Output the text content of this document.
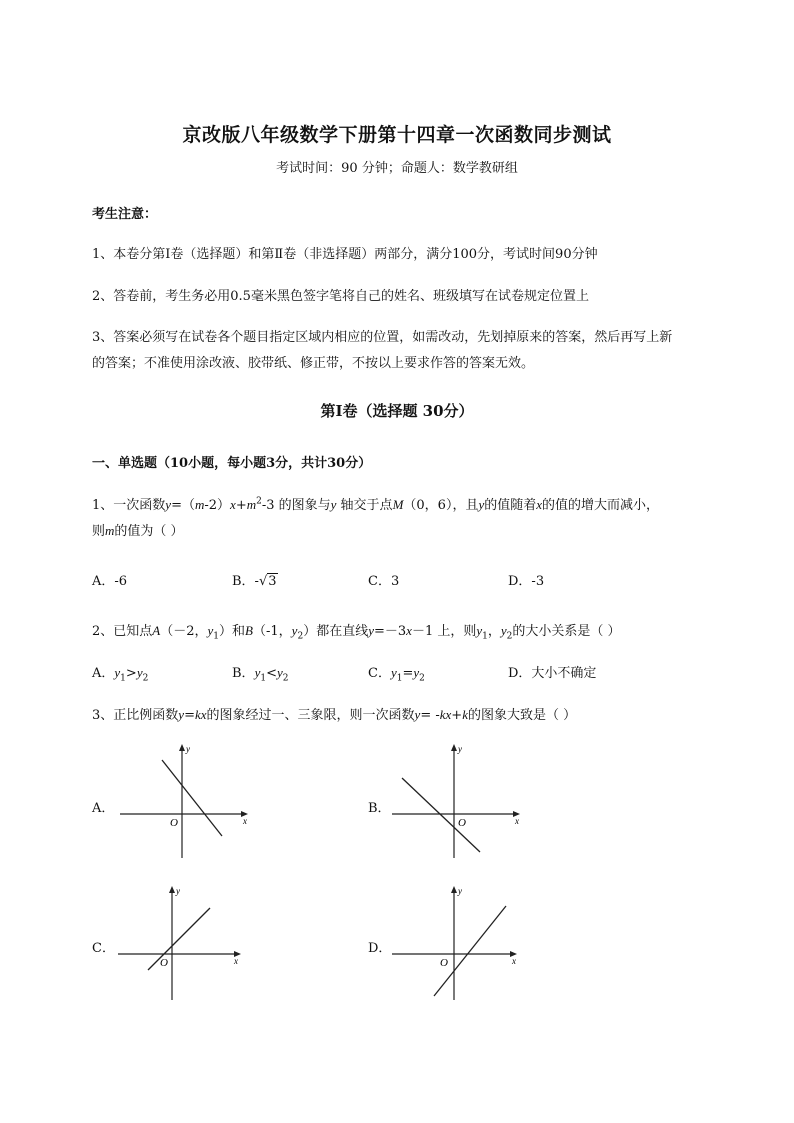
京改版八年级数学下册第十四章一次函数同步测试
考试时间：90 分钟；命题人：数学教研组
考生注意：
1、本卷分第Ⅰ卷（选择题）和第Ⅱ卷（非选择题）两部分，满分100分，考试时间90分钟
2、答卷前，考生务必用0.5毫米黑色签字笔将自己的姓名、班级填写在试卷规定位置上
3、答案必须写在试卷各个题目指定区域内相应的位置，如需改动，先划掉原来的答案，然后再写上新
的答案；不准使用涂改液、胶带纸、修正带，不按以上要求作答的答案无效。
第Ⅰ卷（选择题 30分）
一、单选题（10小题，每小题3分，共计30分）
1、一次函数$y=(m-2)x+m^2-3$ 的图象与y 轴交于点M（0，6），且y的值随着x的值的增大而减小，
则m的值为（ ）
A．-6	B．-√3	C．3	D．-3
2、已知点A（－2，$y_1$）和B（-1，$y_2$）都在直线y=－3x－1 上，则$y_1$，$y_2$的大小关系是（ ）
A．$y_1>y_2$	B．$y_1<y_2$	C．$y_1=y_2$	D．大小不确定
3、正比例函数y=kx的图象经过一、三象限，则一次函数y= -kx+k的图象大致是（ ）
A．
O	x
y
B．
O	x
y
C．
O	x
y
D．
O	x
y
